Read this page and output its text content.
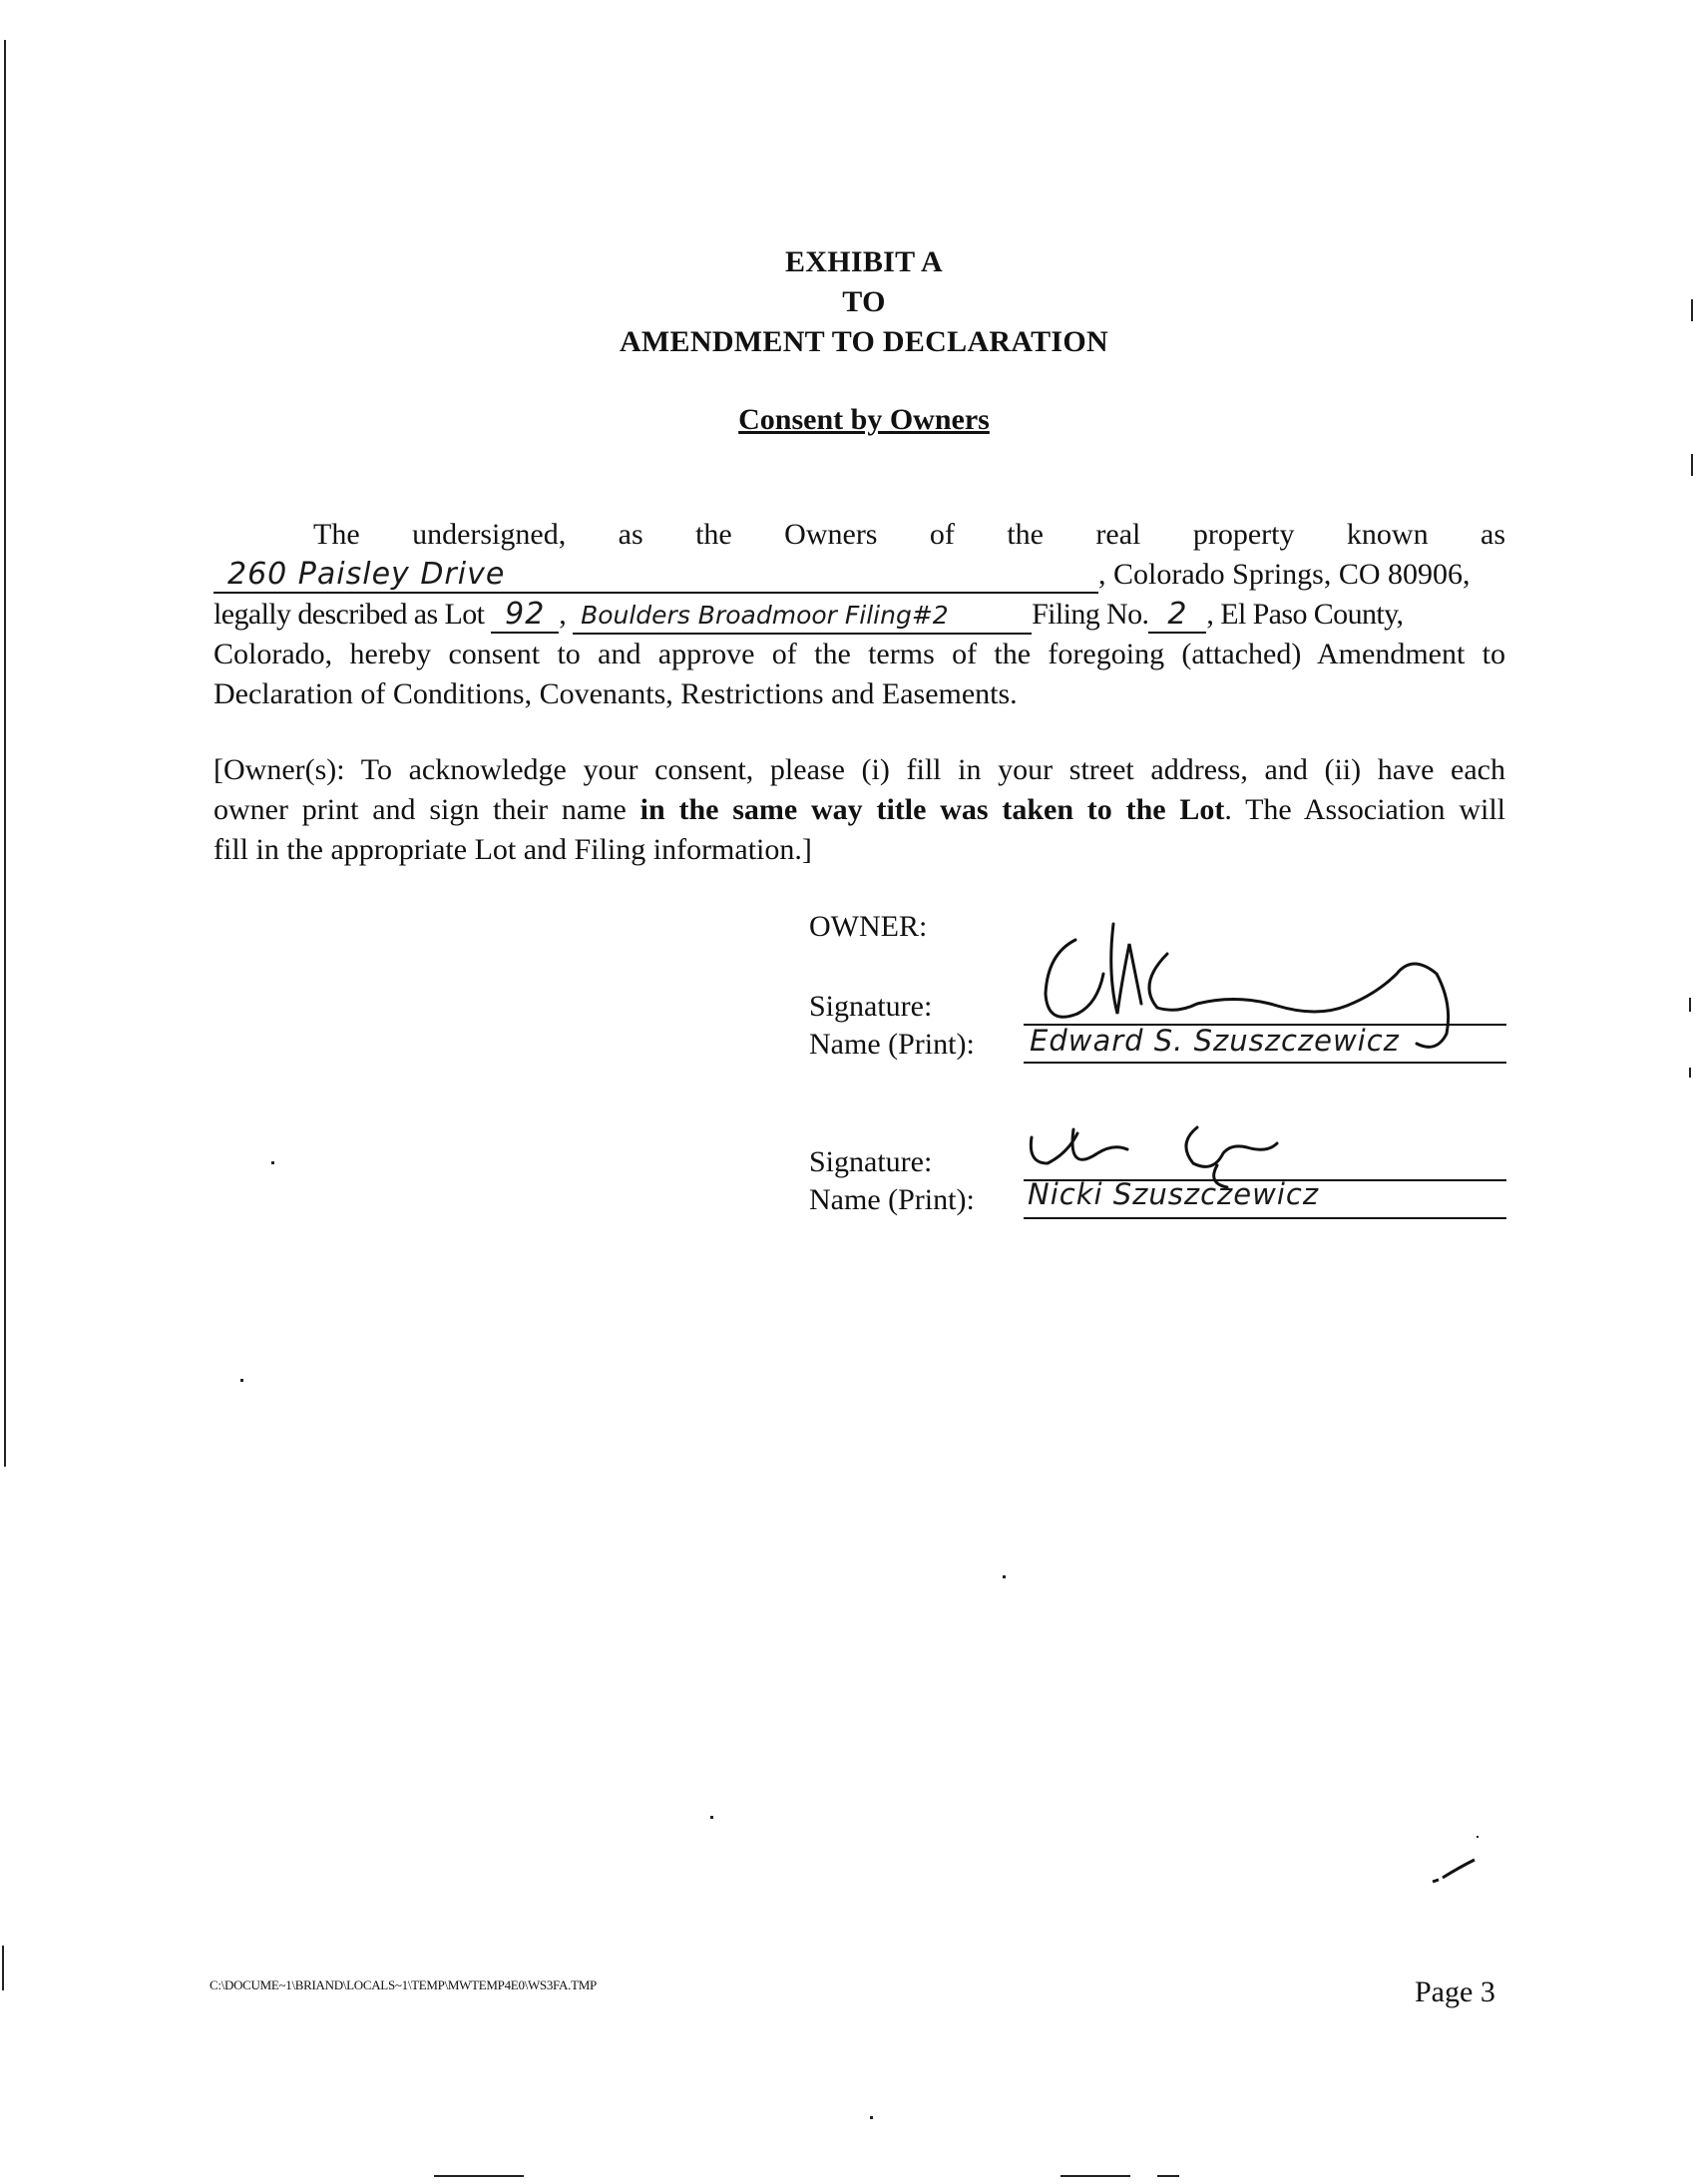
EXHIBIT A
TO
AMENDMENT TO DECLARATION
Consent by Owners
The undersigned, as the Owners of the real property known as
260 Paisley Drive	, Colorado Springs, CO 80906,
legally described as Lot 92 , Boulders Broadmoor Filing#2	Filing No. 2 , El Paso County,
Colorado, hereby consent to and approve of the terms of the foregoing (attached) Amendment to
Declaration of Conditions, Covenants, Restrictions and Easements.
[Owner(s): To acknowledge your consent, please (i) fill in your street address, and (ii) have each
owner print and sign their name in the same way title was taken to the Lot. The Association will
fill in the appropriate Lot and Filing information.]
OWNER:
Signature:
Name (Print): Edward S. Szuszczewicz
Signature:
Name (Print): Nicki Szuszczewicz
C:\DOCUME~1\BRIAND\LOCALS~1\TEMP\MWTEMP4E0\WS3FA.TMP	Page 3
